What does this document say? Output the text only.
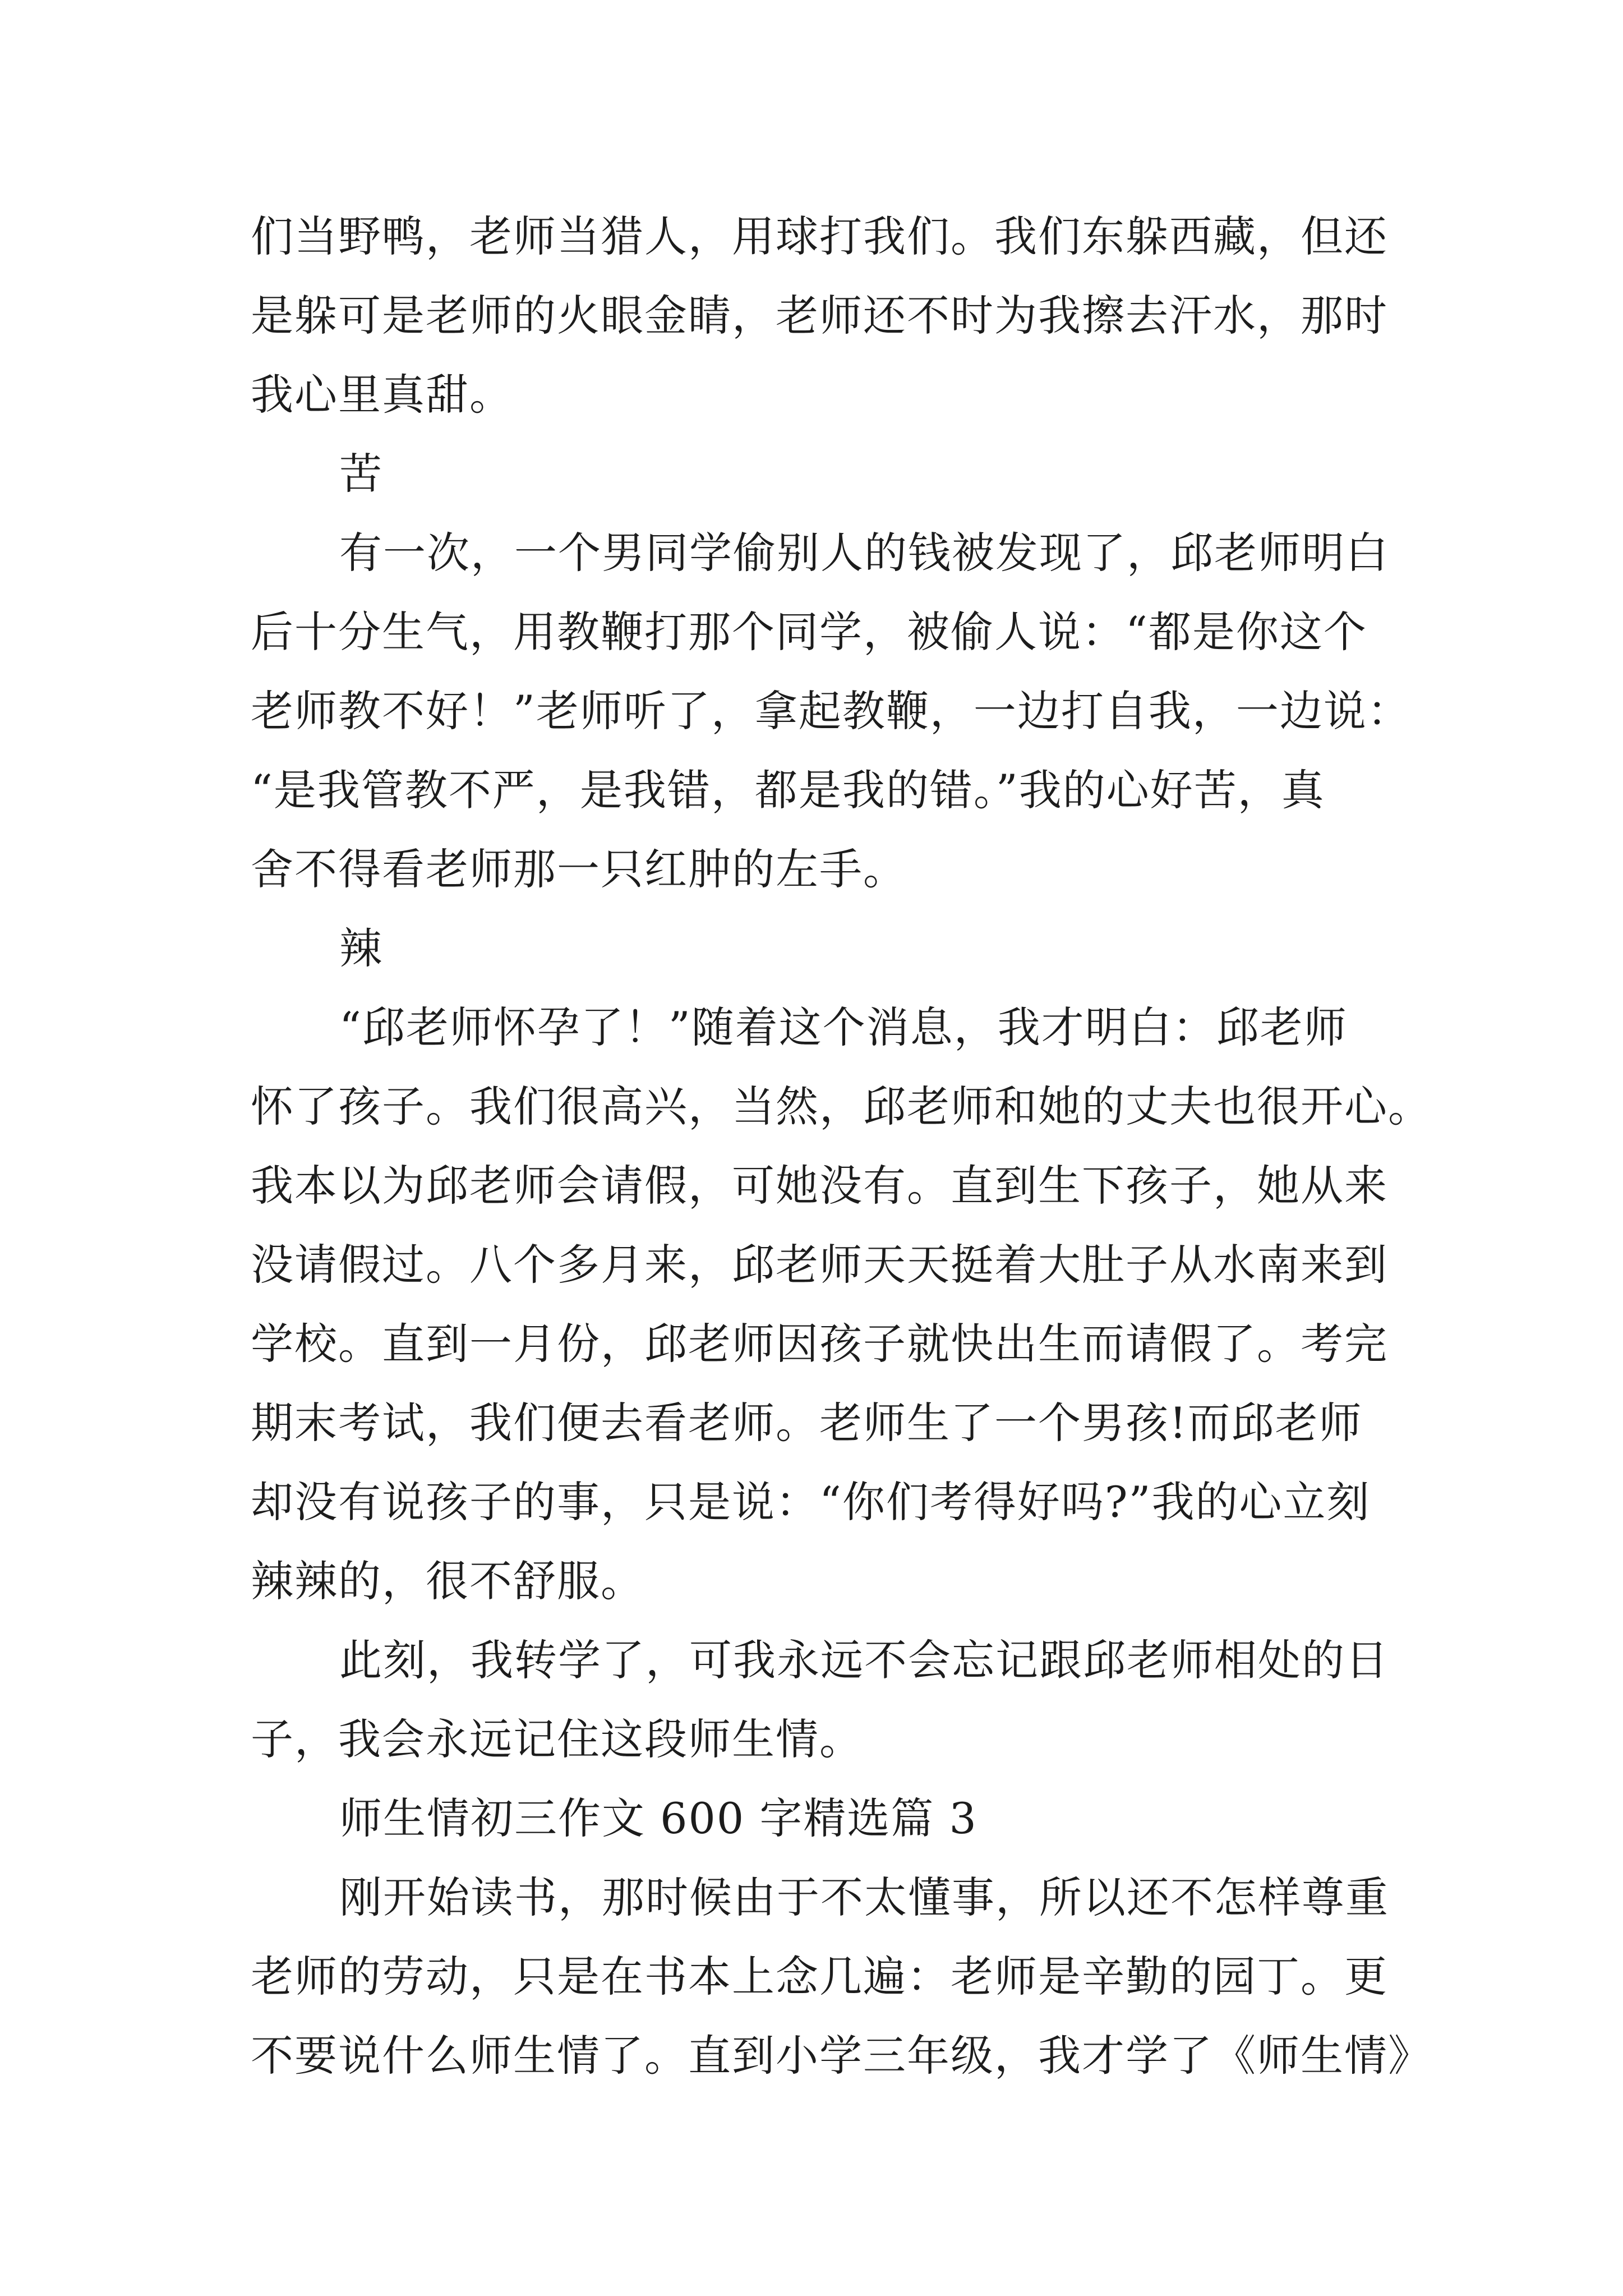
们当野鸭，老师当猎人，用球打我们。我们东躲西藏，但还
是躲可是老师的火眼金睛，老师还不时为我擦去汗水，那时
我心里真甜。
苦
有一次，一个男同学偷别人的钱被发现了，邱老师明白
后十分生气，用教鞭打那个同学，被偷人说：“都是你这个
老师教不好！”老师听了，拿起教鞭，一边打自我，一边说：
“是我管教不严，是我错，都是我的错。”我的心好苦，真
舍不得看老师那一只红肿的左手。
辣
“邱老师怀孕了！”随着这个消息，我才明白：邱老师
怀了孩子。我们很高兴，当然，邱老师和她的丈夫也很开心。
我本以为邱老师会请假，可她没有。直到生下孩子，她从来
没请假过。八个多月来，邱老师天天挺着大肚子从水南来到
学校。直到一月份，邱老师因孩子就快出生而请假了。考完
期末考试，我们便去看老师。老师生了一个男孩!而邱老师
却没有说孩子的事，只是说：“你们考得好吗?”我的心立刻
辣辣的，很不舒服。
此刻，我转学了，可我永远不会忘记跟邱老师相处的日
子，我会永远记住这段师生情。
师生情初三作文 600 字精选篇 3
刚开始读书，那时候由于不太懂事，所以还不怎样尊重
老师的劳动，只是在书本上念几遍：老师是辛勤的园丁。更
不要说什么师生情了。直到小学三年级，我才学了《师生情》
